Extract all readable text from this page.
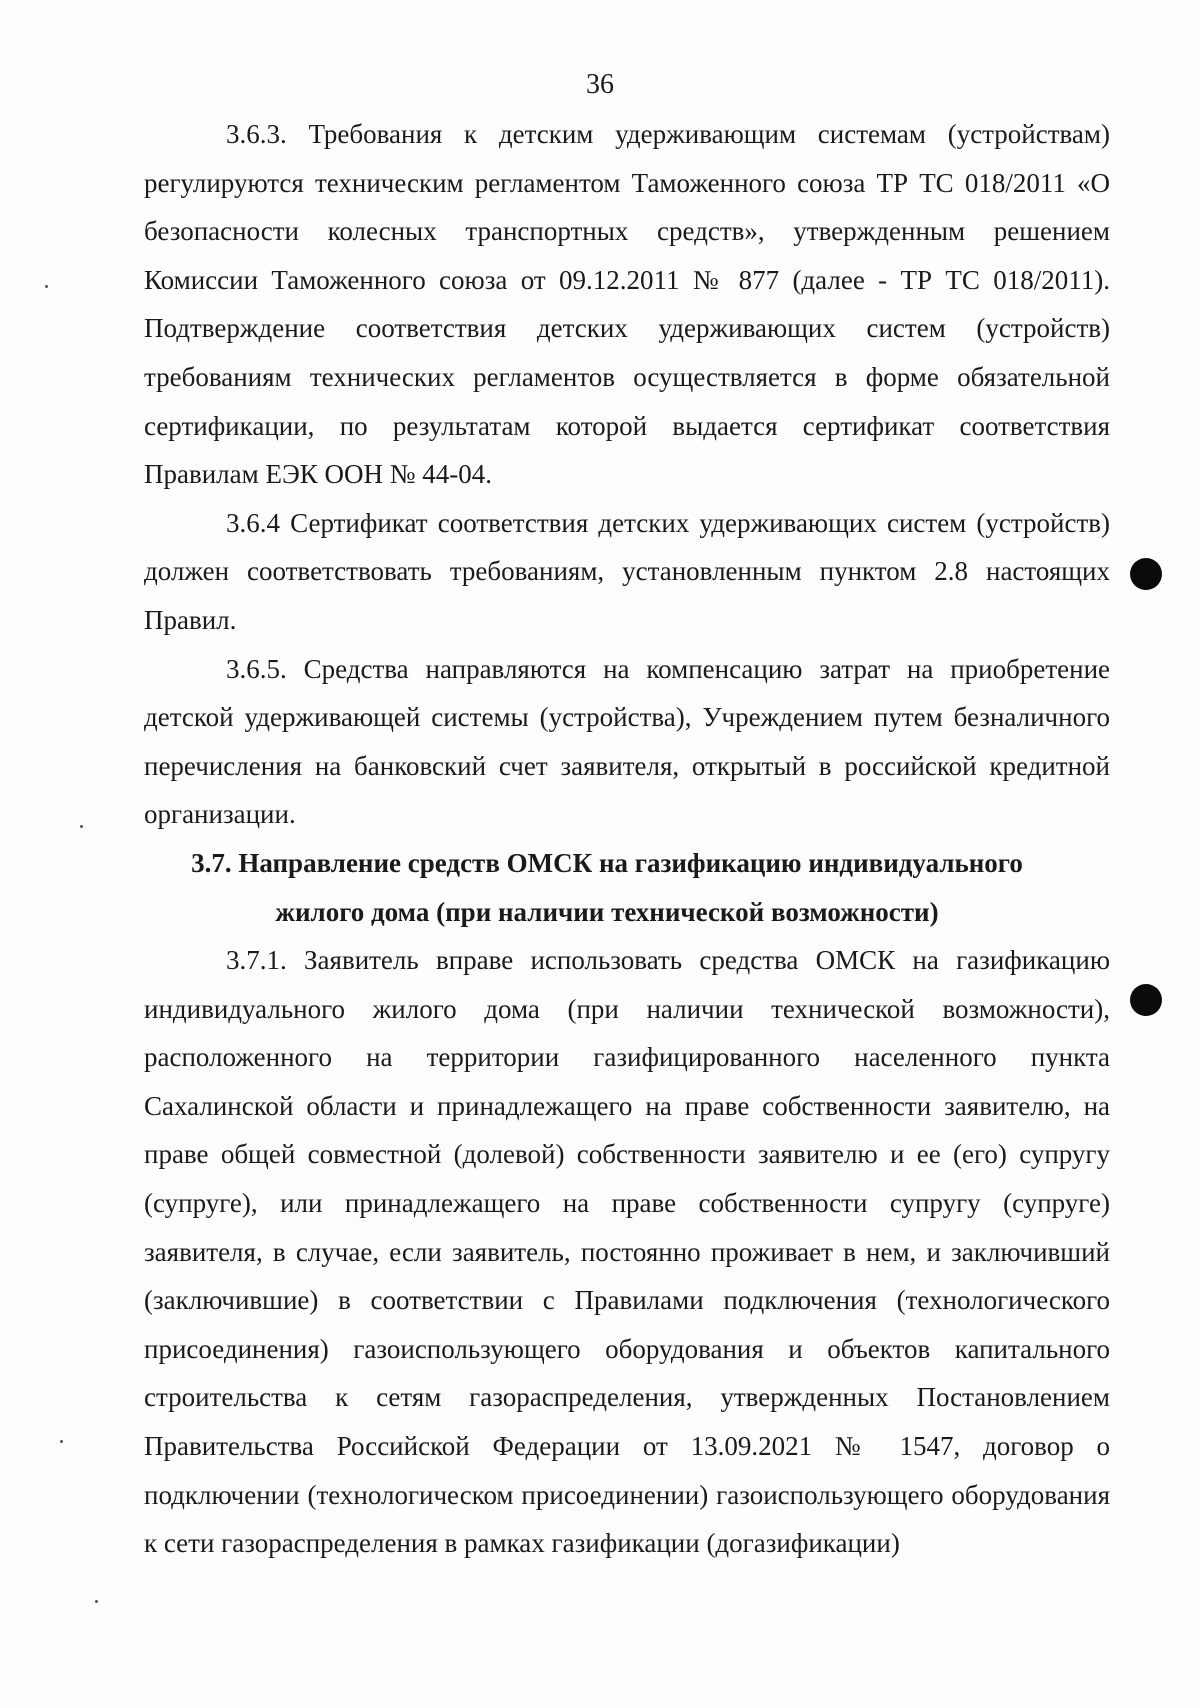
36

3.6.3. Требования к детским удерживающим системам (устройствам) регулируются техническим регламентом Таможенного союза ТР ТС 018/2011 «О безопасности колесных транспортных средств», утвержденным решением Комиссии Таможенного союза от 09.12.2011 № 877 (далее - ТР ТС 018/2011). Подтверждение соответствия детских удерживающих систем (устройств) требованиям технических регламентов осуществляется в форме обязательной сертификации, по результатам которой выдается сертификат соответствия Правилам ЕЭК ООН № 44-04.

3.6.4 Сертификат соответствия детских удерживающих систем (устройств) должен соответствовать требованиям, установленным пунктом 2.8 настоящих Правил.

3.6.5. Средства направляются на компенсацию затрат на приобретение детской удерживающей системы (устройства), Учреждением путем безналичного перечисления на банковский счет заявителя, открытый в российской кредитной организации.

3.7. Направление средств ОМСК на газификацию индивидуального
жилого дома (при наличии технической возможности)

3.7.1. Заявитель вправе использовать средства ОМСК на газификацию индивидуального жилого дома (при наличии технической возможности), расположенного на территории газифицированного населенного пункта Сахалинской области и принадлежащего на праве собственности заявителю, на праве общей совместной (долевой) собственности заявителю и ее (его) супругу (супруге), или принадлежащего на праве собственности супругу (супруге) заявителя, в случае, если заявитель, постоянно проживает в нем, и заключивший (заключившие) в соответствии с Правилами подключения (технологического присоединения) газоиспользующего оборудования и объектов капитального строительства к сетям газораспределения, утвержденных Постановлением Правительства Российской Федерации от 13.09.2021 № 1547, договор о подключении (технологическом присоединении) газоиспользующего оборудования к сети газораспределения в рамках газификации (догазификации)
